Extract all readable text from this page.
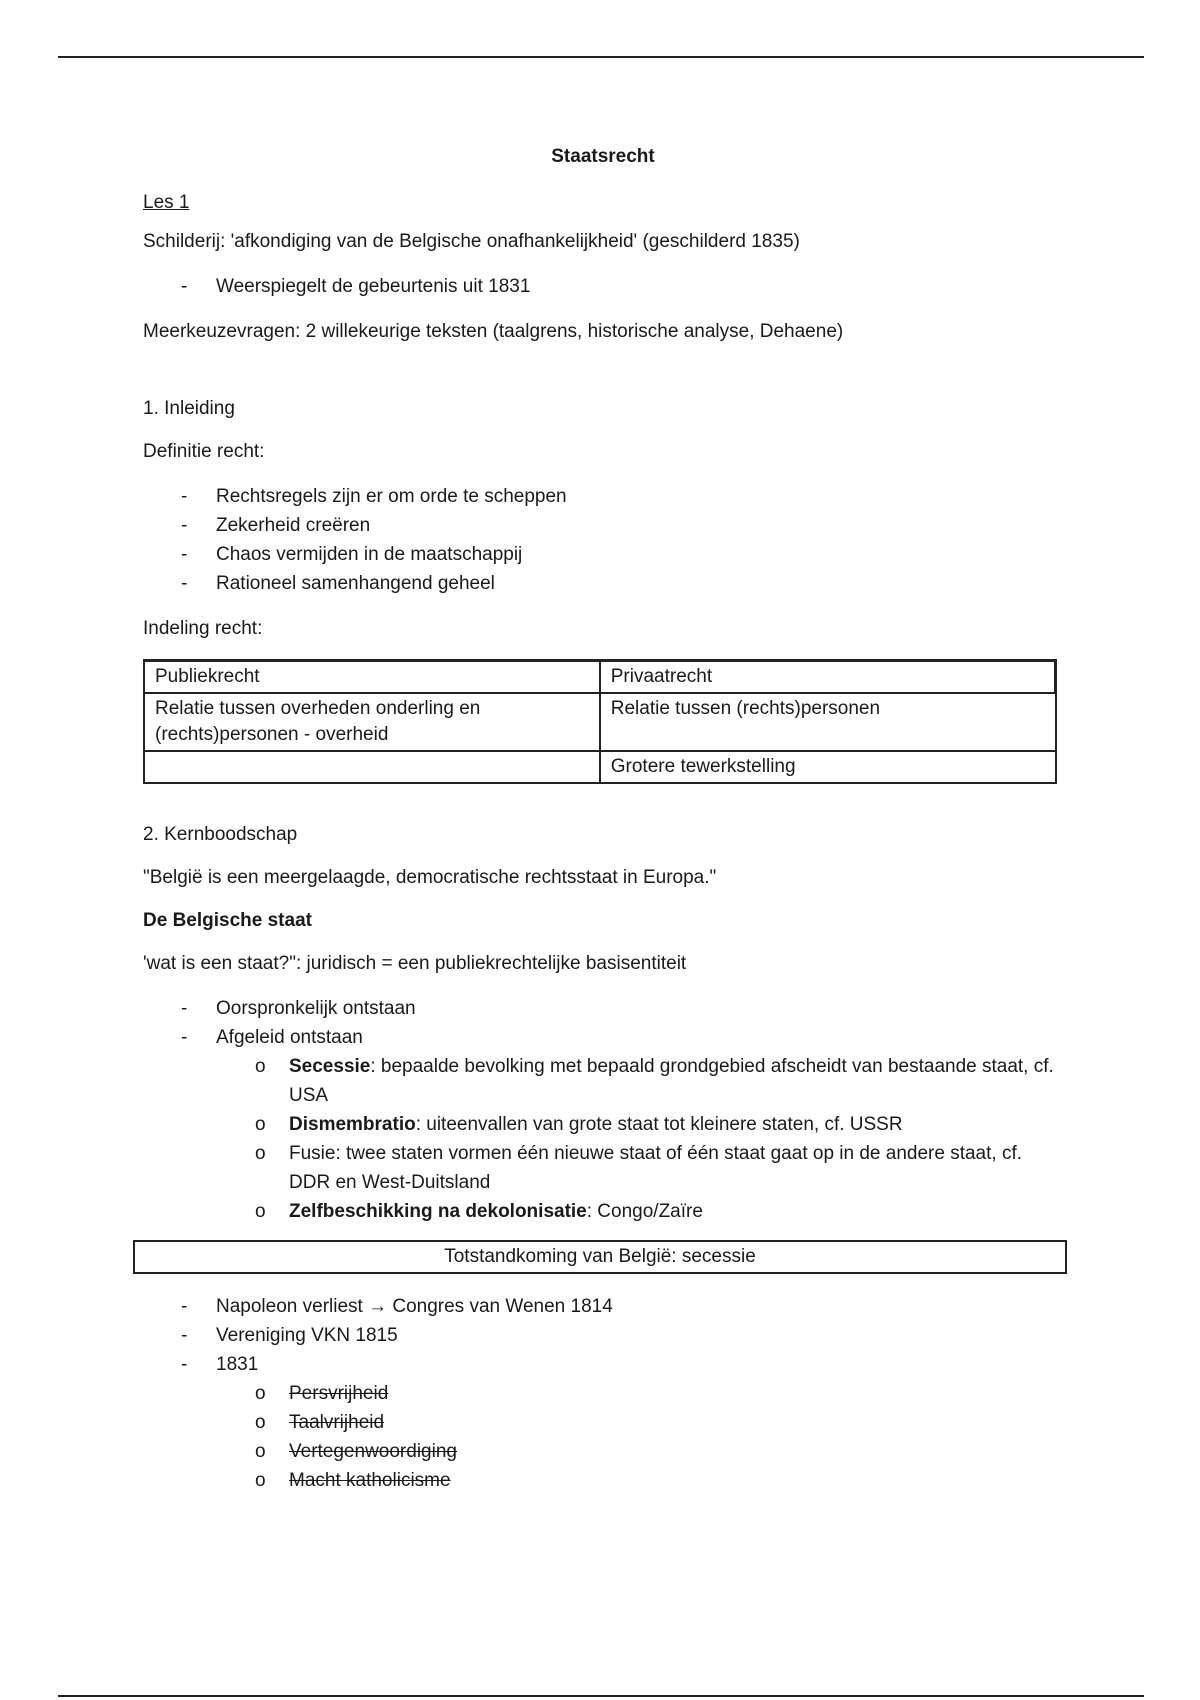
Staatsrecht

Les 1

Schilderij: 'afkondiging van de Belgische onafhankelijkheid' (geschilderd 1835)

- Weerspiegelt de gebeurtenis uit 1831

Meerkeuzevragen: 2 willekeurige teksten (taalgrens, historische analyse, Dehaene)

1. Inleiding

Definitie recht:

- Rechtsregels zijn er om orde te scheppen
- Zekerheid creëren
- Chaos vermijden in de maatschappij
- Rationeel samenhangend geheel

Indeling recht:

Publiekrecht	Privaatrecht
Relatie tussen overheden onderling en (rechts)personen - overheid	Relatie tussen (rechts)personen
	Grotere tewerkstelling

2. Kernboodschap

"België is een meergelaagde, democratische rechtsstaat in Europa."

De Belgische staat

'wat is een staat?": juridisch = een publiekrechtelijke basisentiteit

- Oorspronkelijk ontstaan
- Afgeleid ontstaan
o Secessie: bepaalde bevolking met bepaald grondgebied afscheidt van bestaande staat, cf. USA
o Dismembratio: uiteenvallen van grote staat tot kleinere staten, cf. USSR
o Fusie: twee staten vormen één nieuwe staat of één staat gaat op in de andere staat, cf. DDR en West-Duitsland
o Zelfbeschikking na dekolonisatie: Congo/Zaïre
Totstandkoming van België: secessie
- Napoleon verliest → Congres van Wenen 1814
- Vereniging VKN 1815
- 1831
o Persvrijheid
o Taalvrijheid
o Vertegenwoordiging
o Macht katholicisme
